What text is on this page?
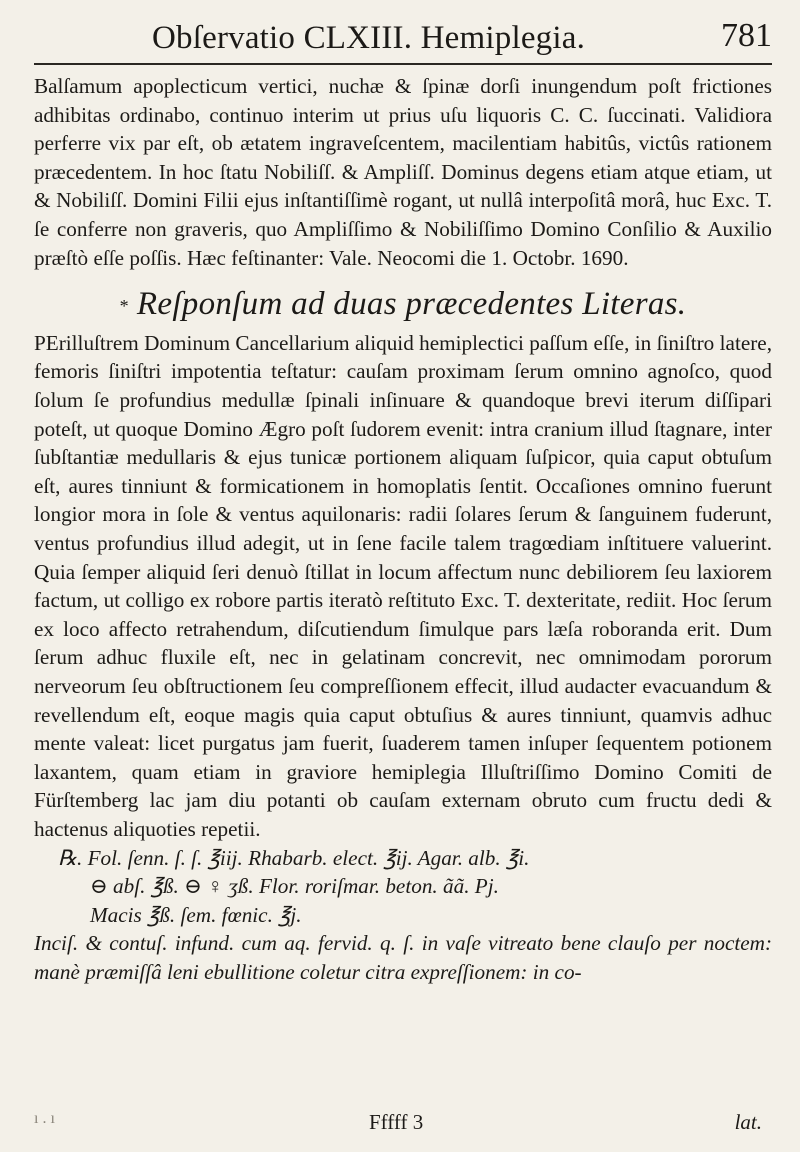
Obſervatio CLXIII. Hemiplegia.	781

Balſamum apoplecticum vertici, nuchæ & ſpinæ dorſi inungendum poſt frictiones adhibitas ordinabo, continuo interim ut prius uſu liquoris C. C. ſuccinati. Validiora perferre vix par eſt, ob ætatem ingraveſcentem, macilentiam habitûs, victûs rationem præcedentem. In hoc ſtatu Nobiliſſ. & Ampliſſ. Dominus degens etiam atque etiam, ut & Nobiliſſ. Domini Filii ejus inſtantiſſimè rogant, ut nullâ interpoſitâ morâ, huc Exc. T. ſe conferre non graveris, quo Ampliſſimo & Nobiliſſimo Domino Conſilio & Auxilio præſtò eſſe poſſis. Hæc feſtinanter: Vale. Neocomi die 1. Octobr. 1690.

* Reſponſum ad duas præcedentes Literas.

PErilluſtrem Dominum Cancellarium aliquid hemiplectici paſſum eſſe, in ſiniſtro latere, femoris ſiniſtri impotentia teſtatur: cauſam proximam ſerum omnino agnoſco, quod ſolum ſe profundius medullæ ſpinali inſinuare & quandoque brevi iterum diſſipari poteſt, ut quoque Domino Ægro poſt ſudorem evenit: intra cranium illud ſtagnare, inter ſubſtantiæ medullaris & ejus tunicæ portionem aliquam ſuſpicor, quia caput obtuſum eſt, aures tinniunt & formicationem in homoplatis ſentit. Occaſiones omnino fuerunt longior mora in ſole & ventus aquilonaris: radii ſolares ſerum & ſanguinem fuderunt, ventus profundius illud adegit, ut in ſene facile talem tragœdiam inſtituere valuerint. Quia ſemper aliquid ſeri denuò ſtillat in locum affectum nunc debiliorem ſeu laxiorem factum, ut colligo ex robore partis iteratò reſtituto Exc. T. dexteritate, rediit. Hoc ſerum ex loco affecto retrahendum, diſcutiendum ſimulque pars læſa roboranda erit. Dum ſerum adhuc fluxile eſt, nec in gelatinam concrevit, nec omnimodam pororum nerveorum ſeu obſtructionem ſeu compreſſionem effecit, illud audacter evacuandum & revellendum eſt, eoque magis quia caput obtuſius & aures tinniunt, quamvis adhuc mente valeat: licet purgatus jam fuerit, ſuaderem tamen inſuper ſequentem potionem laxantem, quam etiam in graviore hemiplegia Illuſtriſſimo Domino Comiti de Fürſtemberg lac jam diu potanti ob cauſam externam obruto cum fructu dedi & hactenus aliquoties repetii.

℞. Fol. ſenn. ſ. ſ. ℥iij. Rhabarb. elect. ℥ij. Agar. alb. ℥i.

⊖ abſ. ℥ß. ⊖ ♀ ʒß. Flor. roriſmar. beton. ãã. Pj.

Macis ℥ß. ſem. fœnic. ℥j.

Inciſ. & contuſ. infund. cum aq. fervid. q. ſ. in vaſe vitreato bene clauſo per noctem: manè præmiſſâ leni ebullitione coletur citra expreſſionem: in co-

ı . ı	Fffff 3	lat.
